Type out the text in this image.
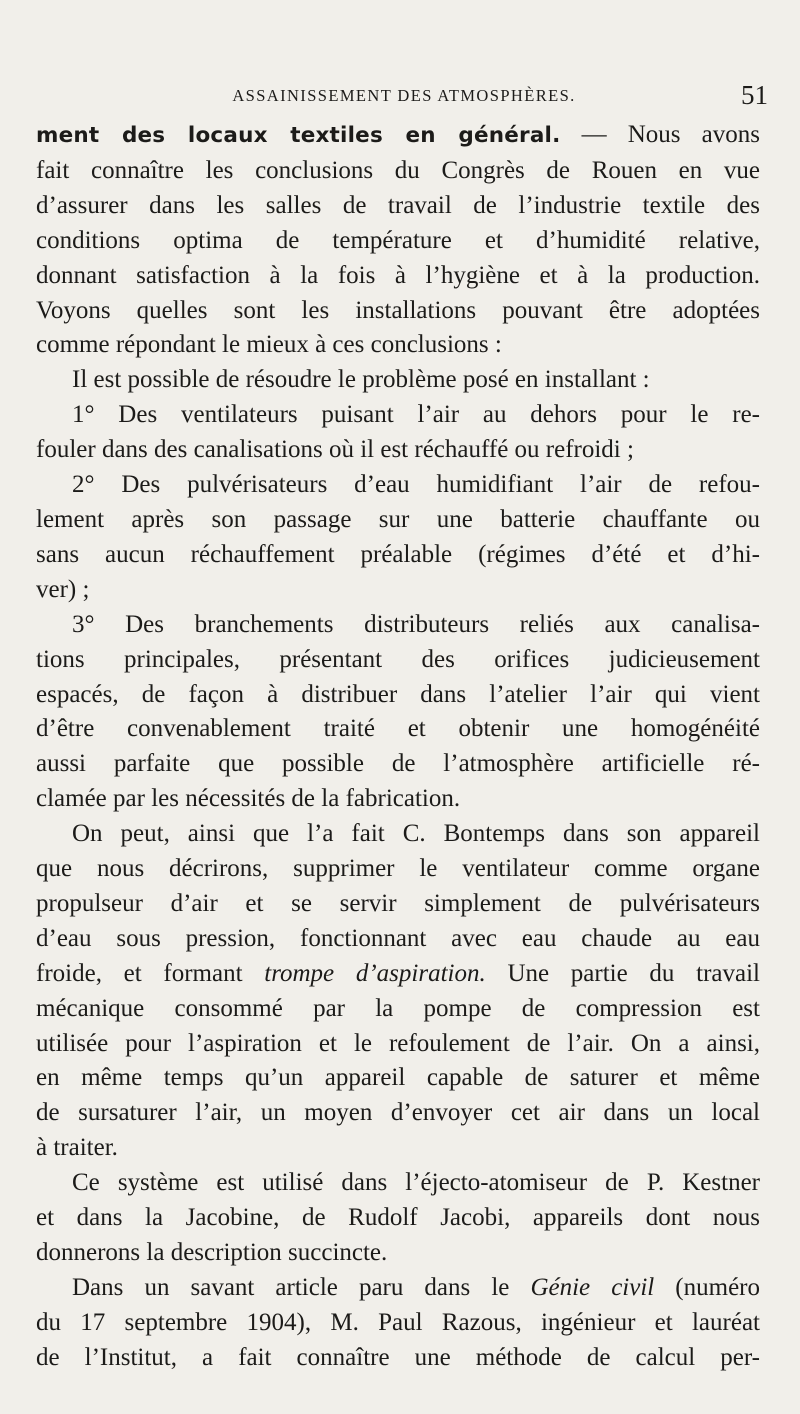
ASSAINISSEMENT DES ATMOSPHÈRES.	51

ment des locaux textiles en général. — Nous avons
fait connaître les conclusions du Congrès de Rouen en vue
d’assurer dans les salles de travail de l’industrie textile des
conditions optima de température et d’humidité relative,
donnant satisfaction à la fois à l’hygiène et à la production.
Voyons quelles sont les installations pouvant être adoptées
comme répondant le mieux à ces conclusions :

Il est possible de résoudre le problème posé en installant :

1° Des ventilateurs puisant l’air au dehors pour le re-
fouler dans des canalisations où il est réchauffé ou refroidi ;

2° Des pulvérisateurs d’eau humidifiant l’air de refou-
lement après son passage sur une batterie chauffante ou
sans aucun réchauffement préalable (régimes d’été et d’hi-
ver) ;

3° Des branchements distributeurs reliés aux canalisa-
tions principales, présentant des orifices judicieusement
espacés, de façon à distribuer dans l’atelier l’air qui vient
d’être convenablement traité et obtenir une homogénéité
aussi parfaite que possible de l’atmosphère artificielle ré-
clamée par les nécessités de la fabrication.

On peut, ainsi que l’a fait C. Bontemps dans son appareil
que nous décrirons, supprimer le ventilateur comme organe
propulseur d’air et se servir simplement de pulvérisateurs
d’eau sous pression, fonctionnant avec eau chaude au eau
froide, et formant trompe d’aspiration. Une partie du travail
mécanique consommé par la pompe de compression est
utilisée pour l’aspiration et le refoulement de l’air. On a ainsi,
en même temps qu’un appareil capable de saturer et même
de sursaturer l’air, un moyen d’envoyer cet air dans un local
à traiter.

Ce système est utilisé dans l’éjecto-atomiseur de P. Kestner
et dans la Jacobine, de Rudolf Jacobi, appareils dont nous
donnerons la description succincte.

Dans un savant article paru dans le Génie civil (numéro
du 17 septembre 1904), M. Paul Razous, ingénieur et lauréat
de l’Institut, a fait connaître une méthode de calcul per-
